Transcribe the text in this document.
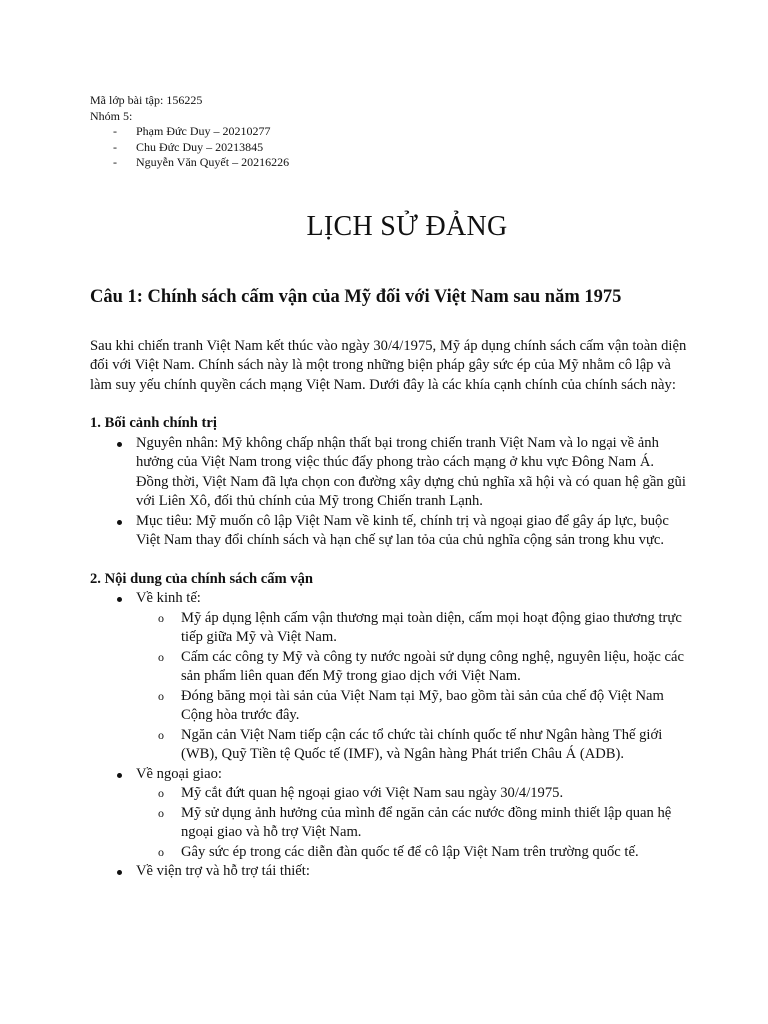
Mã lớp bài tập: 156225

Nhóm 5:

- Phạm Đức Duy – 20210277
- Chu Đức Duy – 20213845
- Nguyễn Văn Quyết – 20216226
LỊCH SỬ ĐẢNG
Câu 1: Chính sách cấm vận của Mỹ đối với Việt Nam sau năm 1975

Sau khi chiến tranh Việt Nam kết thúc vào ngày 30/4/1975, Mỹ áp dụng chính sách cấm vận toàn diện đối với Việt Nam. Chính sách này là một trong những biện pháp gây sức ép của Mỹ nhằm cô lập và làm suy yếu chính quyền cách mạng Việt Nam. Dưới đây là các khía cạnh chính của chính sách này:

1. Bối cảnh chính trị
Nguyên nhân: Mỹ không chấp nhận thất bại trong chiến tranh Việt Nam và lo ngại về ảnh hưởng của Việt Nam trong việc thúc đẩy phong trào cách mạng ở khu vực Đông Nam Á. Đồng thời, Việt Nam đã lựa chọn con đường xây dựng chủ nghĩa xã hội và có quan hệ gần gũi với Liên Xô, đối thủ chính của Mỹ trong Chiến tranh Lạnh.
Mục tiêu: Mỹ muốn cô lập Việt Nam về kinh tế, chính trị và ngoại giao để gây áp lực, buộc Việt Nam thay đổi chính sách và hạn chế sự lan tỏa của chủ nghĩa cộng sản trong khu vực.
2. Nội dung của chính sách cấm vận
Về kinh tế:
o Mỹ áp dụng lệnh cấm vận thương mại toàn diện, cấm mọi hoạt động giao thương trực tiếp giữa Mỹ và Việt Nam.
o Cấm các công ty Mỹ và công ty nước ngoài sử dụng công nghệ, nguyên liệu, hoặc các sản phẩm liên quan đến Mỹ trong giao dịch với Việt Nam.
o Đóng băng mọi tài sản của Việt Nam tại Mỹ, bao gồm tài sản của chế độ Việt Nam Cộng hòa trước đây.
o Ngăn cản Việt Nam tiếp cận các tổ chức tài chính quốc tế như Ngân hàng Thế giới (WB), Quỹ Tiền tệ Quốc tế (IMF), và Ngân hàng Phát triển Châu Á (ADB).
Về ngoại giao:
o Mỹ cắt đứt quan hệ ngoại giao với Việt Nam sau ngày 30/4/1975.
o Mỹ sử dụng ảnh hưởng của mình để ngăn cản các nước đồng minh thiết lập quan hệ ngoại giao và hỗ trợ Việt Nam.
o Gây sức ép trong các diễn đàn quốc tế để cô lập Việt Nam trên trường quốc tế.
Về viện trợ và hỗ trợ tái thiết:
